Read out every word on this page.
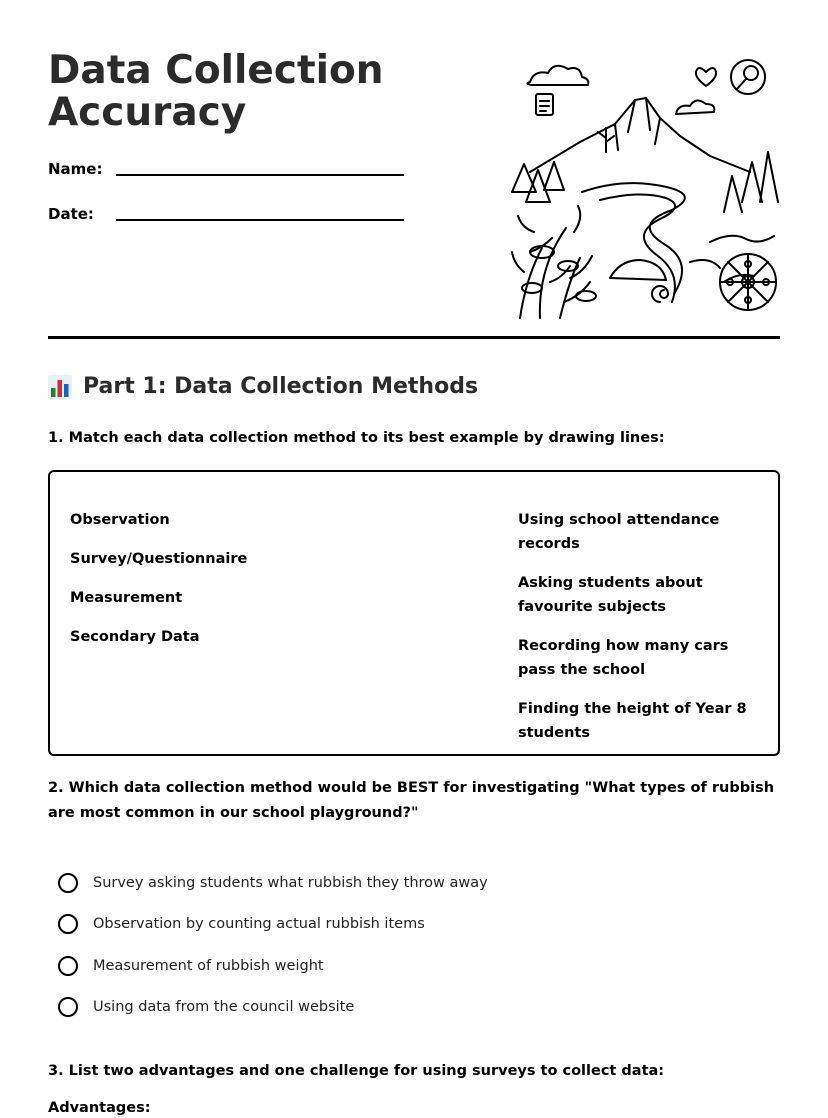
Data Collection Accuracy
Name:
Date:
Part 1: Data Collection Methods
1. Match each data collection method to its best example by drawing lines:
Observation
Survey/Questionnaire
Measurement
Secondary Data
Using school attendance records
Asking students about favourite subjects
Recording how many cars pass the school
Finding the height of Year 8 students
2. Which data collection method would be BEST for investigating "What types of rubbish are most common in our school playground?"
Survey asking students what rubbish they throw away
Observation by counting actual rubbish items
Measurement of rubbish weight
Using data from the council website
3. List two advantages and one challenge for using surveys to collect data:
Advantages:
